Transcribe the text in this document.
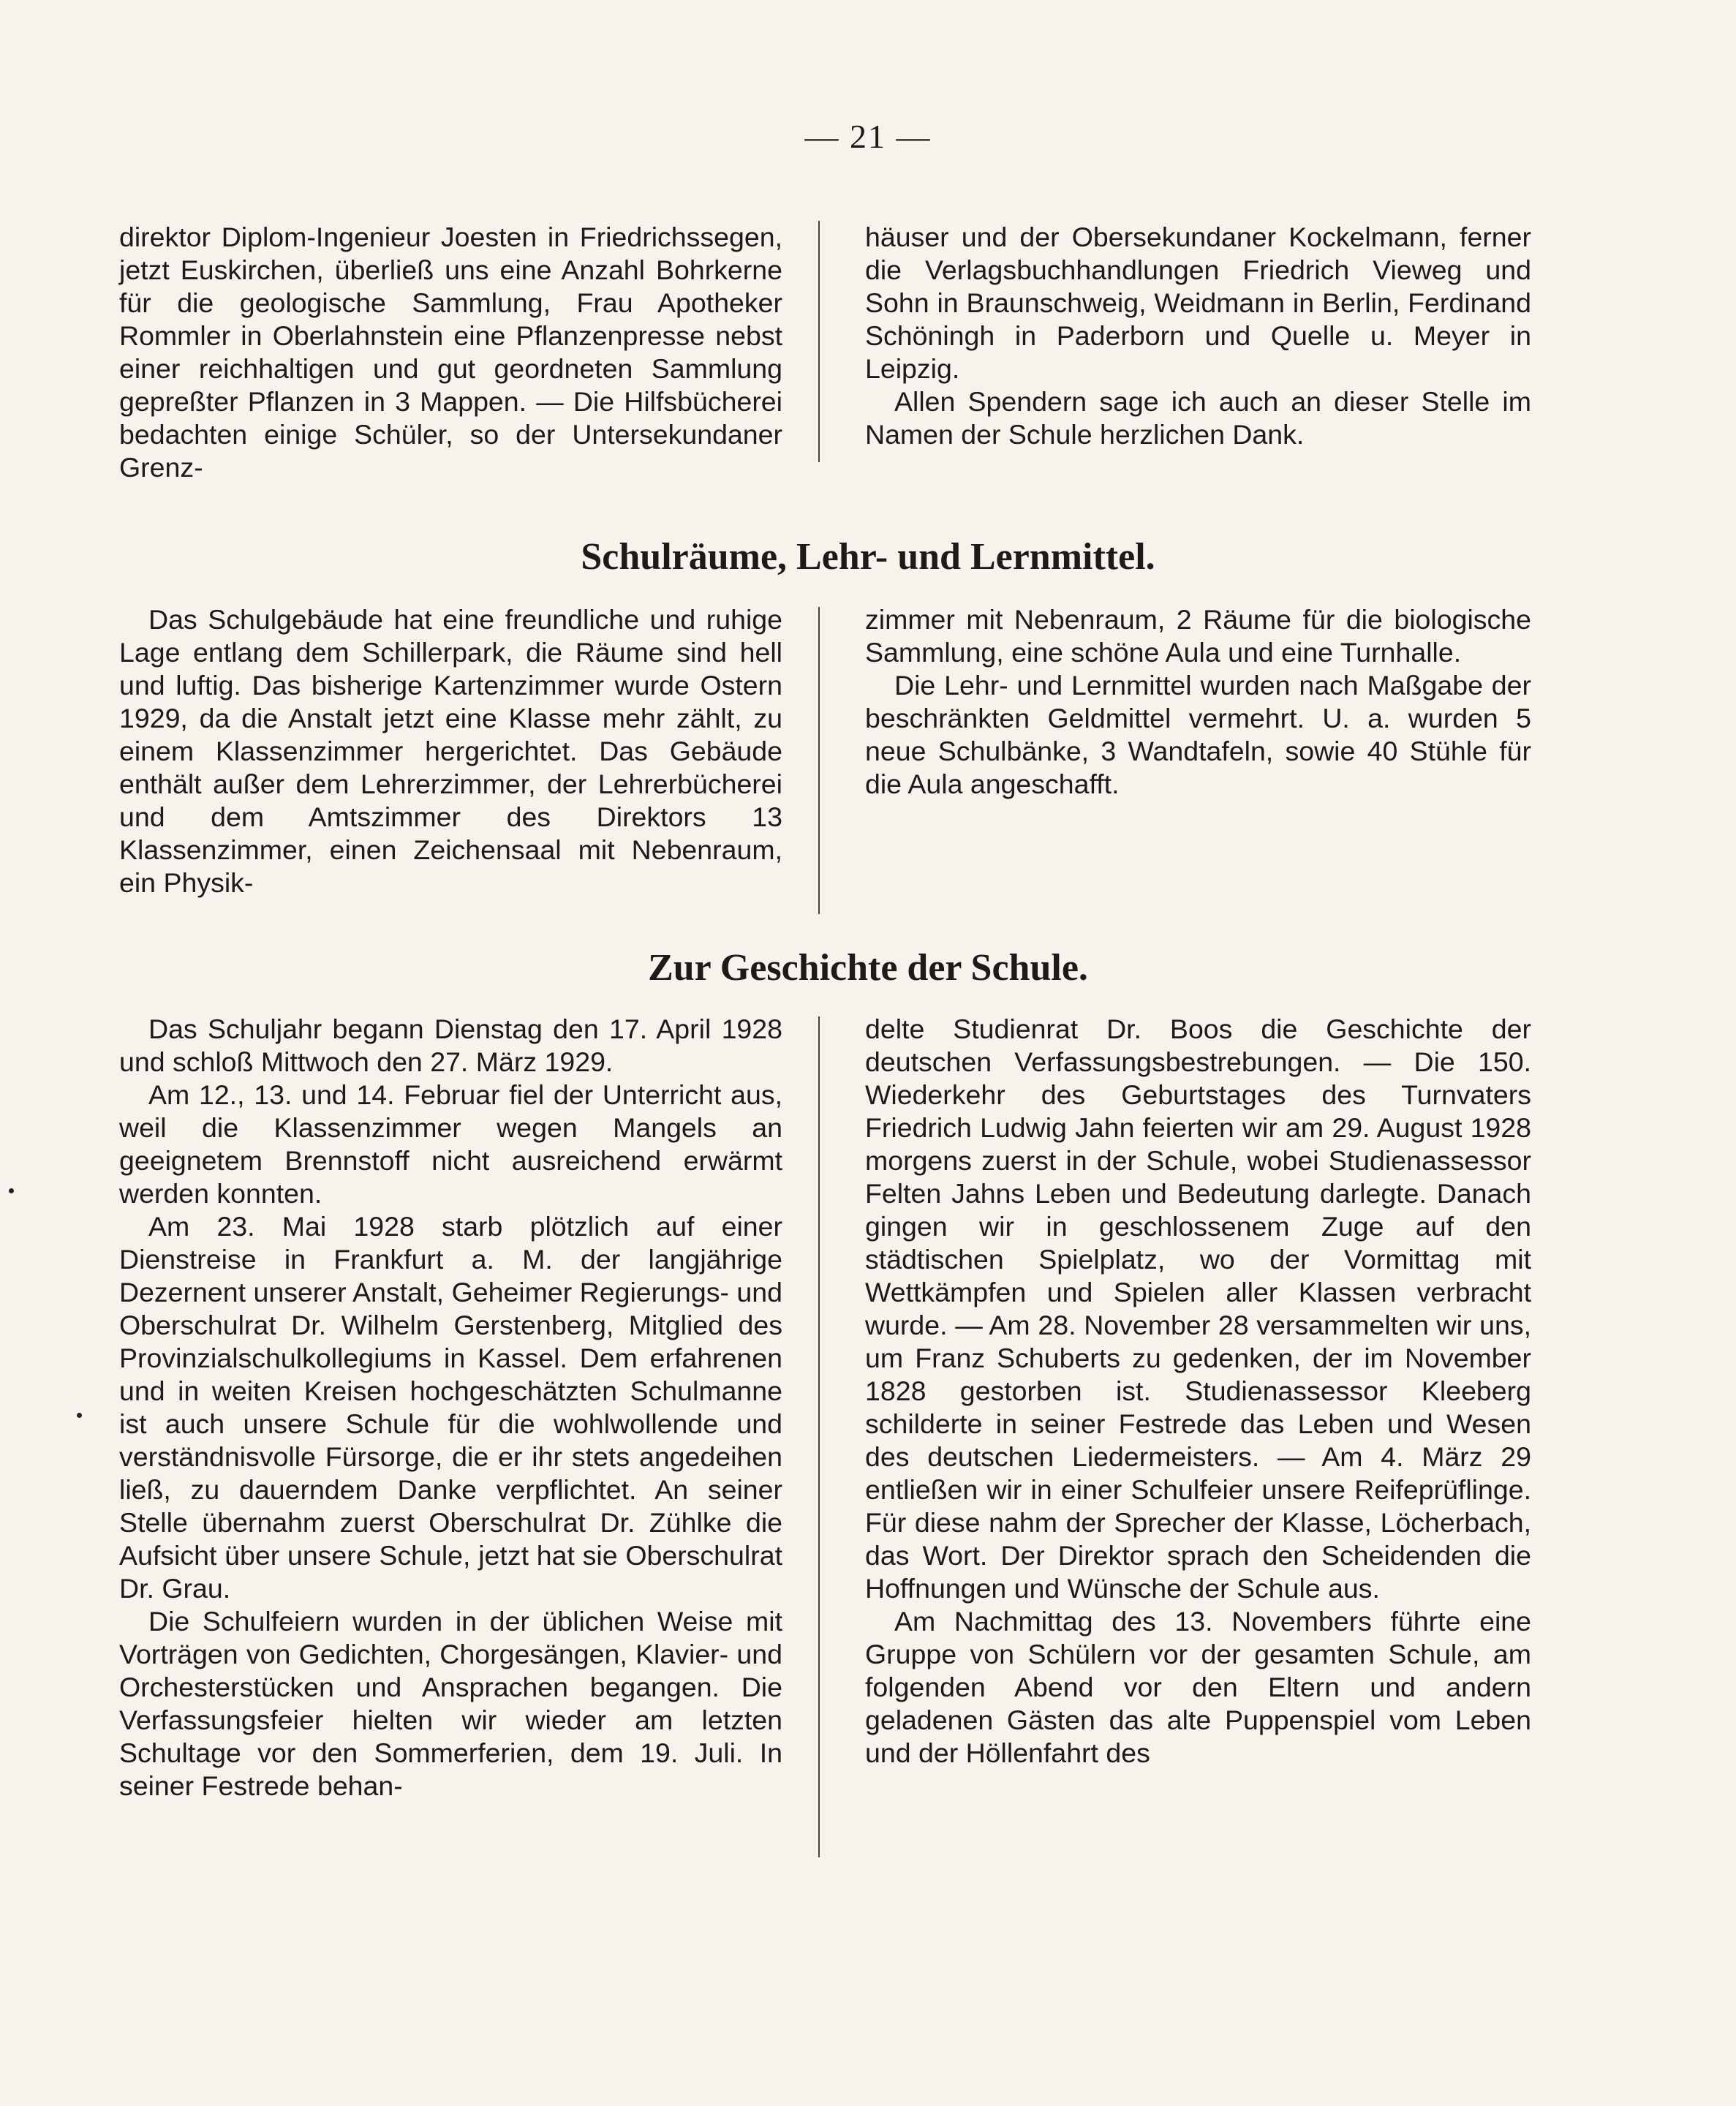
— 21 —

direktor Diplom-Ingenieur Joesten in Friedrichssegen, jetzt Euskirchen, überließ uns eine Anzahl Bohrkerne für die geologische Sammlung, Frau Apotheker Rommler in Oberlahnstein eine Pflanzenpresse nebst einer reichhaltigen und gut geordneten Sammlung gepreßter Pflanzen in 3 Mappen. — Die Hilfsbücherei bedachten einige Schüler, so der Untersekundaner Grenz-

häuser und der Obersekundaner Kockelmann, ferner die Verlagsbuchhandlungen Friedrich Vieweg und Sohn in Braunschweig, Weidmann in Berlin, Ferdinand Schöningh in Paderborn und Quelle u. Meyer in Leipzig.

Allen Spendern sage ich auch an dieser Stelle im Namen der Schule herzlichen Dank.

Schulräume, Lehr- und Lernmittel.

Das Schulgebäude hat eine freundliche und ruhige Lage entlang dem Schillerpark, die Räume sind hell und luftig. Das bisherige Kartenzimmer wurde Ostern 1929, da die Anstalt jetzt eine Klasse mehr zählt, zu einem Klassenzimmer hergerichtet. Das Gebäude enthält außer dem Lehrerzimmer, der Lehrerbücherei und dem Amtszimmer des Direktors 13 Klassenzimmer, einen Zeichensaal mit Nebenraum, ein Physik-

zimmer mit Nebenraum, 2 Räume für die biologische Sammlung, eine schöne Aula und eine Turnhalle.

Die Lehr- und Lernmittel wurden nach Maßgabe der beschränkten Geldmittel vermehrt. U. a. wurden 5 neue Schulbänke, 3 Wandtafeln, sowie 40 Stühle für die Aula angeschafft.

Zur Geschichte der Schule.

Das Schuljahr begann Dienstag den 17. April 1928 und schloß Mittwoch den 27. März 1929.

Am 12., 13. und 14. Februar fiel der Unterricht aus, weil die Klassenzimmer wegen Mangels an geeignetem Brennstoff nicht ausreichend erwärmt werden konnten.

Am 23. Mai 1928 starb plötzlich auf einer Dienstreise in Frankfurt a. M. der langjährige Dezernent unserer Anstalt, Geheimer Regierungs- und Oberschulrat Dr. Wilhelm Gerstenberg, Mitglied des Provinzialschulkollegiums in Kassel. Dem erfahrenen und in weiten Kreisen hochgeschätzten Schulmanne ist auch unsere Schule für die wohlwollende und verständnisvolle Fürsorge, die er ihr stets angedeihen ließ, zu dauerndem Danke verpflichtet. An seiner Stelle übernahm zuerst Oberschulrat Dr. Zühlke die Aufsicht über unsere Schule, jetzt hat sie Oberschulrat Dr. Grau.

Die Schulfeiern wurden in der üblichen Weise mit Vorträgen von Gedichten, Chorgesängen, Klavier- und Orchesterstücken und Ansprachen begangen. Die Verfassungsfeier hielten wir wieder am letzten Schultage vor den Sommerferien, dem 19. Juli. In seiner Festrede behan-

delte Studienrat Dr. Boos die Geschichte der deutschen Verfassungsbestrebungen. — Die 150. Wiederkehr des Geburtstages des Turnvaters Friedrich Ludwig Jahn feierten wir am 29. August 1928 morgens zuerst in der Schule, wobei Studienassessor Felten Jahns Leben und Bedeutung darlegte. Danach gingen wir in geschlossenem Zuge auf den städtischen Spielplatz, wo der Vormittag mit Wettkämpfen und Spielen aller Klassen verbracht wurde. — Am 28. November 28 versammelten wir uns, um Franz Schuberts zu gedenken, der im November 1828 gestorben ist. Studienassessor Kleeberg schilderte in seiner Festrede das Leben und Wesen des deutschen Liedermeisters. — Am 4. März 29 entließen wir in einer Schulfeier unsere Reifeprüflinge. Für diese nahm der Sprecher der Klasse, Löcherbach, das Wort. Der Direktor sprach den Scheidenden die Hoffnungen und Wünsche der Schule aus.

Am Nachmittag des 13. Novembers führte eine Gruppe von Schülern vor der gesamten Schule, am folgenden Abend vor den Eltern und andern geladenen Gästen das alte Puppenspiel vom Leben und der Höllenfahrt des
